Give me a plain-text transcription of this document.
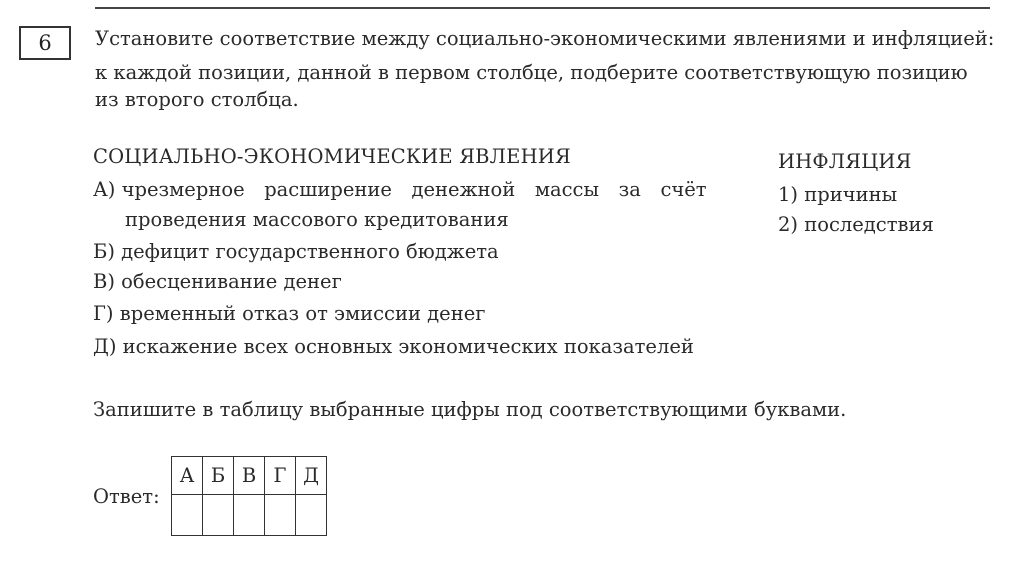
6	Установите соответствие между социально-экономическими явлениями и инфляцией:
к каждой позиции, данной в первом столбце, подберите соответствующую позицию
из второго столбца.
СОЦИАЛЬНО-ЭКОНОМИЧЕСКИЕ ЯВЛЕНИЯ
А) чрезмерное расширение денежной массы за счёт
проведения массового кредитования
Б) дефицит государственного бюджета
В) обесценивание денег
Г) временный отказ от эмиссии денег
Д) искажение всех основных экономических показателей
ИНФЛЯЦИЯ
1) причины
2) последствия
Запишите в таблицу выбранные цифры под соответствующими буквами.
Ответ:
А	Б	В	Г	Д
